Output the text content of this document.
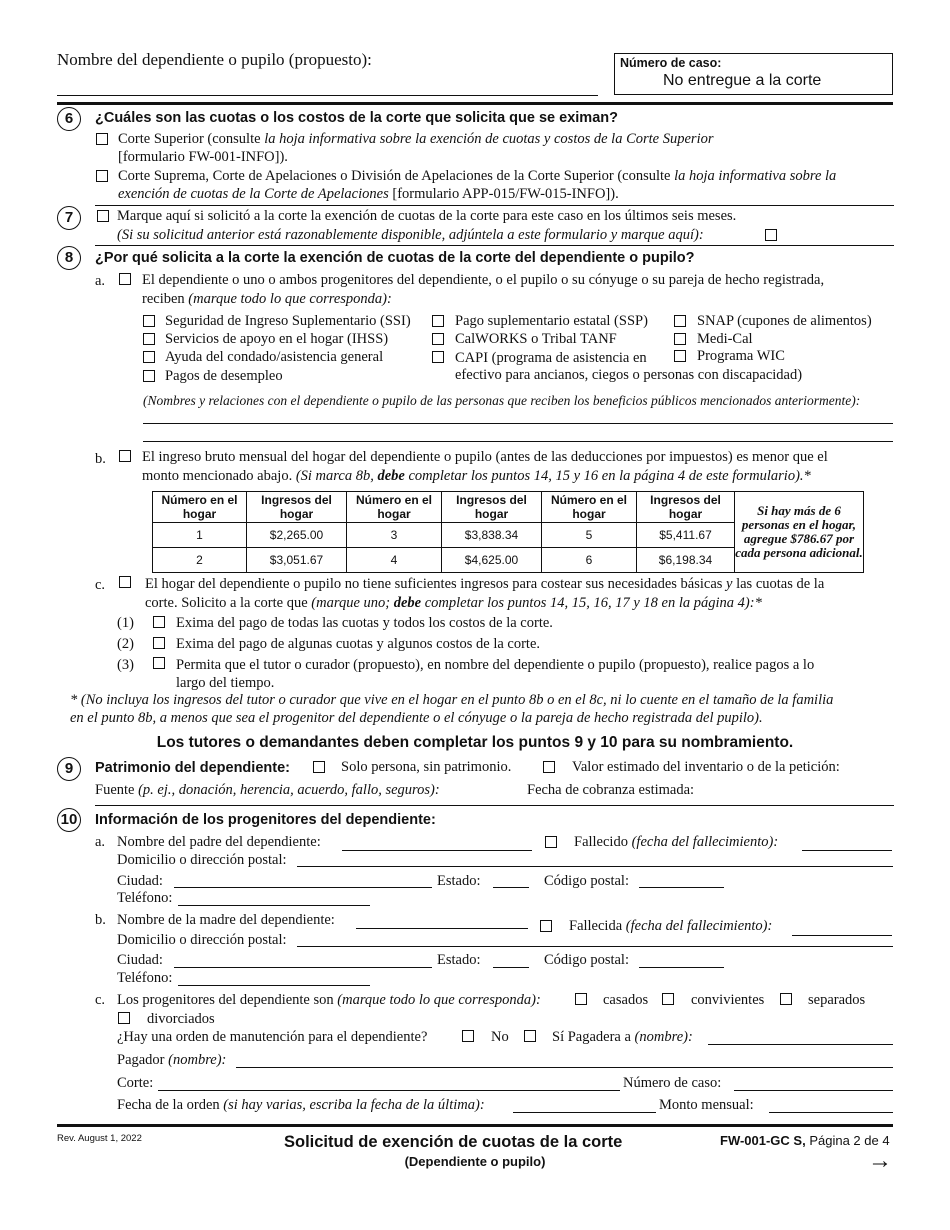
Nombre del dependiente o pupilo (propuesto):	Número de caso:
No entregue a la corte
6	¿Cuáles son las cuotas o los costos de la corte que solicita que se eximan?
Corte Superior (consulte la hoja informativa sobre la exención de cuotas y costos de la Corte Superior
[formulario FW-001-INFO]).
Corte Suprema, Corte de Apelaciones o División de Apelaciones de la Corte Superior (consulte la hoja informativa sobre la
exención de cuotas de la Corte de Apelaciones [formulario APP-015/FW-015-INFO]).
7	Marque aquí si solicitó a la corte la exención de cuotas de la corte para este caso en los últimos seis meses.
(Si su solicitud anterior está razonablemente disponible, adjúntela a este formulario y marque aquí):
8	¿Por qué solicita a la corte la exención de cuotas de la corte del dependiente o pupilo?
a.	El dependiente o uno o ambos progenitores del dependiente, o el pupilo o su cónyuge o su pareja de hecho registrada,
reciben (marque todo lo que corresponda):
Seguridad de Ingreso Suplementario (SSI)
Servicios de apoyo en el hogar (IHSS)
Ayuda del condado/asistencia general
Pagos de desempleo
Pago suplementario estatal (SSP)
CalWORKS o Tribal TANF
CAPI (programa de asistencia en
efectivo para ancianos, ciegos o personas con discapacidad)
SNAP (cupones de alimentos)
Medi-Cal
Programa WIC
(Nombres y relaciones con el dependiente o pupilo de las personas que reciben los beneficios públicos mencionados anteriormente):
b. El ingreso bruto mensual del hogar del dependiente o pupilo (antes de las deducciones por impuestos) es menor que el
monto mencionado abajo. (Si marca 8b, debe completar los puntos 14, 15 y 16 en la página 4 de este formulario).*
Número en el hogar	Ingresos del hogar	Número en el hogar	Ingresos del hogar	Número en el hogar	Ingresos del hogar	Si hay más de 6 personas en el hogar, agregue $786.67 por cada persona adicional.
1	$2,265.00	3	$3,838.34	5	$5,411.67	
2	$3,051.67	4	$4,625.00	6	$6,198.34	
c.	El hogar del dependiente o pupilo no tiene suficientes ingresos para costear sus necesidades básicas y las cuotas de la
corte. Solicito a la corte que (marque uno; debe completar los puntos 14, 15, 16, 17 y 18 en la página 4):*
(1)	Exima del pago de todas las cuotas y todos los costos de la corte.
(2)	Exima del pago de algunas cuotas y algunos costos de la corte.
(3)	Permita que el tutor o curador (propuesto), en nombre del dependiente o pupilo (propuesto), realice pagos a lo
largo del tiempo.
* (No incluya los ingresos del tutor o curador que vive en el hogar en el punto 8b o en el 8c, ni lo cuente en el tamaño de la familia
en el punto 8b, a menos que sea el progenitor del dependiente o el cónyuge o la pareja de hecho registrada del pupilo).
Los tutores o demandantes deben completar los puntos 9 y 10 para su nombramiento.
9	Patrimonio del dependiente:	Solo persona, sin patrimonio.	Valor estimado del inventario o de la petición:
Fuente (p. ej., donación, herencia, acuerdo, fallo, seguros):	Fecha de cobranza estimada:
10 Información de los progenitores del dependiente:
a. Nombre del padre del dependiente:	Fallecido (fecha del fallecimiento):
Domicilio o dirección postal:
Ciudad:	Estado:	Código postal:
Teléfono:
b. Nombre de la madre del dependiente:	Fallecida (fecha del fallecimiento):
Domicilio o dirección postal:
Ciudad:	Estado:	Código postal:
Teléfono:
c. Los progenitores del dependiente son (marque todo lo que corresponda):	casados	convivientes	separados
divorciados
¿Hay una orden de manutención para el dependiente?	No	Sí Pagadera a (nombre):
Pagador (nombre):
Corte:	Número de caso:
Fecha de la orden (si hay varias, escriba la fecha de la última):	Monto mensual:
Rev. August 1, 2022	Solicitud de exención de cuotas de la corte
(Dependiente o pupilo)
FW-001-GC S, Página 2 de 4
→
